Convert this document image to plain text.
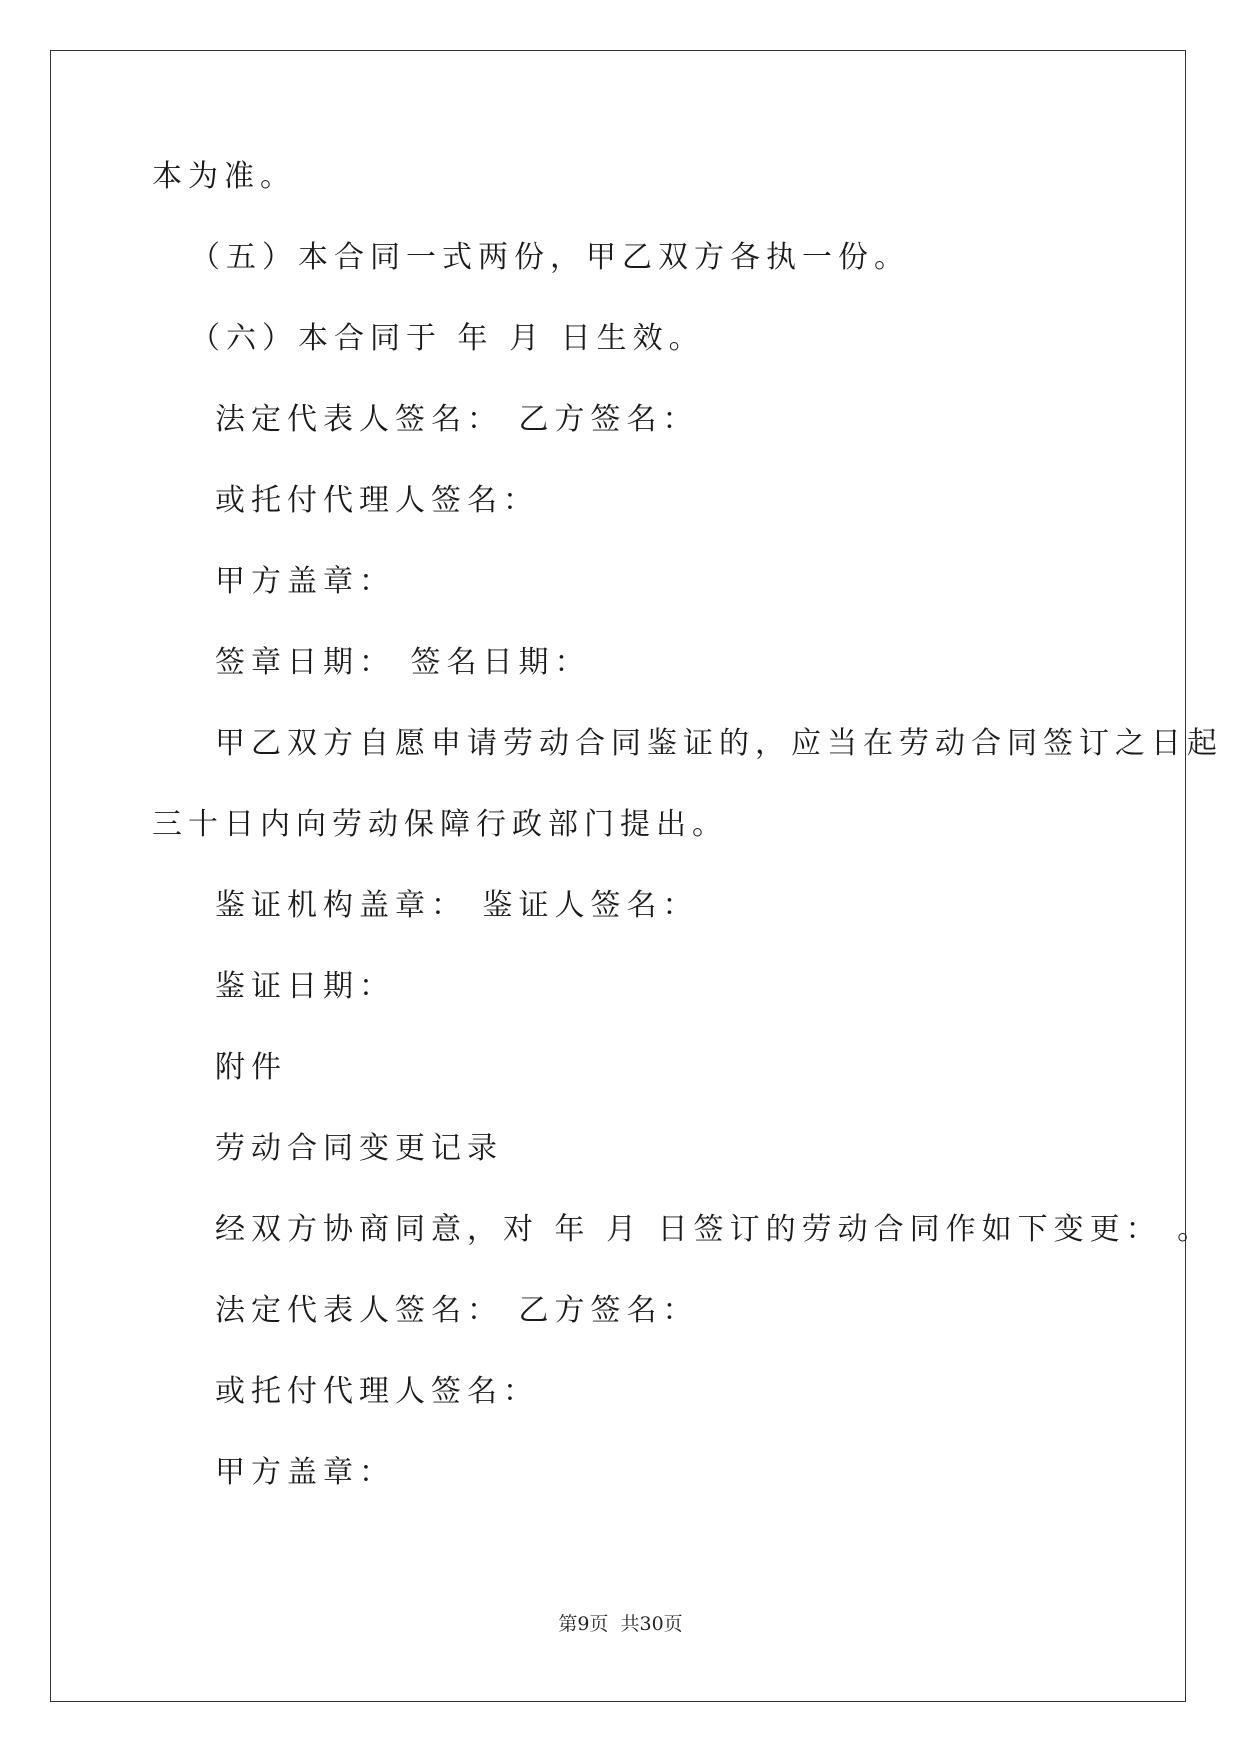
本为准。
（五）本合同一式两份，甲乙双方各执一份。
（六）本合同于 年 月 日生效。
法定代表人签名： 乙方签名：
或托付代理人签名：
甲方盖章：
签章日期： 签名日期：
甲乙双方自愿申请劳动合同鉴证的，应当在劳动合同签订之日起
三十日内向劳动保障行政部门提出。
鉴证机构盖章： 鉴证人签名：
鉴证日期：
附件
劳动合同变更记录
经双方协商同意，对 年 月 日签订的劳动合同作如下变更： 。
法定代表人签名： 乙方签名：
或托付代理人签名：
甲方盖章：
第9页  共30页
